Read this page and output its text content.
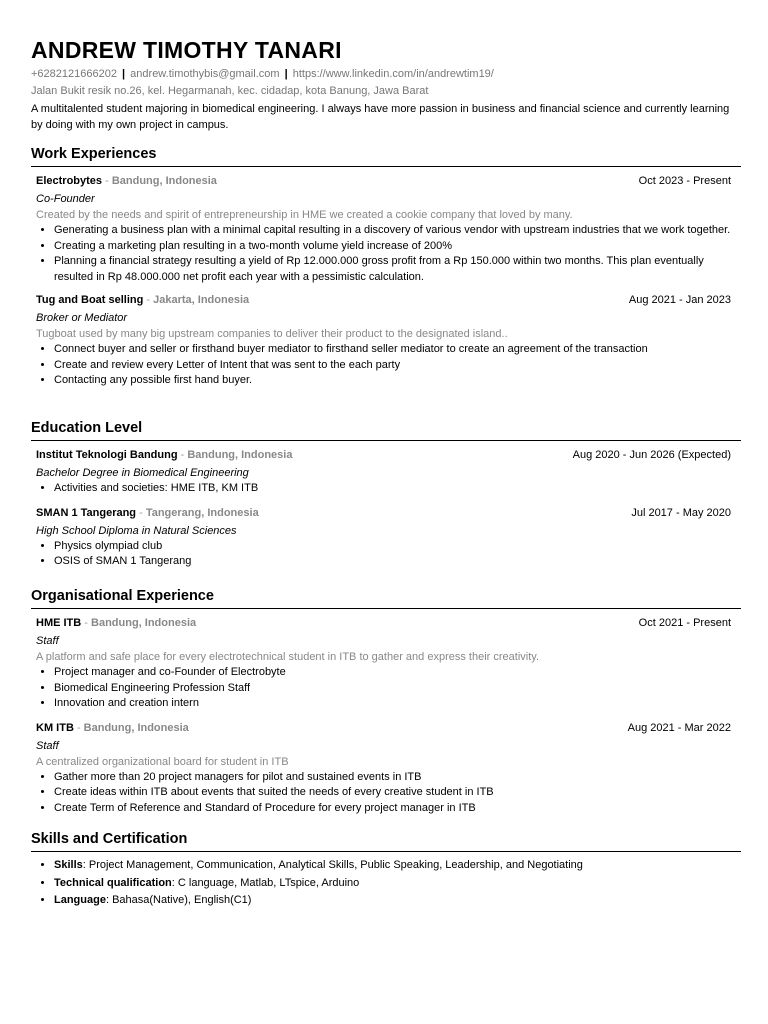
ANDREW TIMOTHY TANARI
+6282121666202 | andrew.timothybis@gmail.com | https://www.linkedin.com/in/andrewtim19/
Jalan Bukit resik no.26, kel. Hegarmanah, kec. cidadap, kota Banung, Jawa Barat
A multitalented student majoring in biomedical engineering. I always have more passion in business and financial science and currently learning by doing with my own project in campus.
Work Experiences
Electrobytes - Bandung, Indonesia	Oct 2023 - Present
Co-Founder
Created by the needs and spirit of entrepreneurship in HME we created a cookie company that loved by many.
• Generating a business plan with a minimal capital resulting in a discovery of various vendor with upstream industries that we work together.
• Creating a marketing plan resulting in a two-month volume yield increase of 200%
• Planning a financial strategy resulting a yield of Rp 12.000.000 gross profit from a Rp 150.000 within two months. This plan eventually resulted in Rp 48.000.000 net profit each year with a pessimistic calculation.
Tug and Boat selling - Jakarta, Indonesia	Aug 2021 - Jan 2023
Broker or Mediator
Tugboat used by many big upstream companies to deliver their product to the designated island..
• Connect buyer and seller or firsthand buyer mediator to firsthand seller mediator to create an agreement of the transaction
• Create and review every Letter of Intent that was sent to the each party
• Contacting any possible first hand buyer.
Education Level
Institut Teknologi Bandung - Bandung, Indonesia	Aug 2020 - Jun 2026 (Expected)
Bachelor Degree in Biomedical Engineering
• Activities and societies: HME ITB, KM ITB
SMAN 1 Tangerang - Tangerang, Indonesia	Jul 2017 - May 2020
High School Diploma in Natural Sciences
• Physics olympiad club
• OSIS of SMAN 1 Tangerang
Organisational Experience
HME ITB - Bandung, Indonesia	Oct 2021 - Present
Staff
A platform and safe place for every electrotechnical student in ITB to gather and express their creativity.
• Project manager and co-Founder of Electrobyte
• Biomedical Engineering Profession Staff
• Innovation and creation intern
KM ITB - Bandung, Indonesia	Aug 2021 - Mar 2022
Staff
A centralized organizational board for student in ITB
• Gather more than 20 project managers for pilot and sustained events in ITB
• Create ideas within ITB about events that suited the needs of every creative student in ITB
• Create Term of Reference and Standard of Procedure for every project manager in ITB
Skills and Certification
• Skills: Project Management, Communication, Analytical Skills, Public Speaking, Leadership, and Negotiating
• Technical qualification: C language, Matlab, LTspice, Arduino
• Language: Bahasa(Native), English(C1)
